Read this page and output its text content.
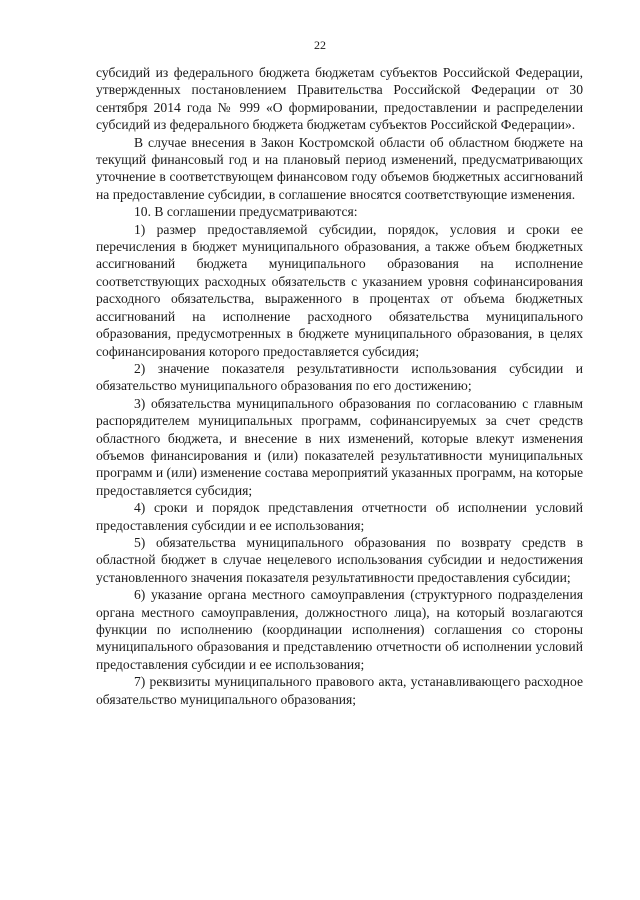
22

субсидий из федерального бюджета бюджетам субъектов Российской Федерации, утвержденных постановлением Правительства Российской Федерации от 30 сентября 2014 года № 999 «О формировании, предоставлении и распределении субсидий из федерального бюджета бюджетам субъектов Российской Федерации».

В случае внесения в Закон Костромской области об областном бюджете на текущий финансовый год и на плановый период изменений, предусматривающих уточнение в соответствующем финансовом году объемов бюджетных ассигнований на предоставление субсидии, в соглашение вносятся соответствующие изменения.

10. В соглашении предусматриваются:

1) размер предоставляемой субсидии, порядок, условия и сроки ее перечисления в бюджет муниципального образования, а также объем бюджетных ассигнований бюджета муниципального образования на исполнение соответствующих расходных обязательств с указанием уровня софинансирования расходного обязательства, выраженного в процентах от объема бюджетных ассигнований на исполнение расходного обязательства муниципального образования, предусмотренных в бюджете муниципального образования, в целях софинансирования которого предоставляется субсидия;

2) значение показателя результативности использования субсидии и обязательство муниципального образования по его достижению;

3) обязательства муниципального образования по согласованию с главным распорядителем муниципальных программ, софинансируемых за счет средств областного бюджета, и внесение в них изменений, которые влекут изменения объемов финансирования и (или) показателей результативности муниципальных программ и (или) изменение состава мероприятий указанных программ, на которые предоставляется субсидия;

4) сроки и порядок представления отчетности об исполнении условий предоставления субсидии и ее использования;

5) обязательства муниципального образования по возврату средств в областной бюджет в случае нецелевого использования субсидии и недостижения установленного значения показателя результативности предоставления субсидии;

6) указание органа местного самоуправления (структурного подразделения органа местного самоуправления, должностного лица), на который возлагаются функции по исполнению (координации исполнения) соглашения со стороны муниципального образования и представлению отчетности об исполнении условий предоставления субсидии и ее использования;

7) реквизиты муниципального правового акта, устанавливающего расходное обязательство муниципального образования;
